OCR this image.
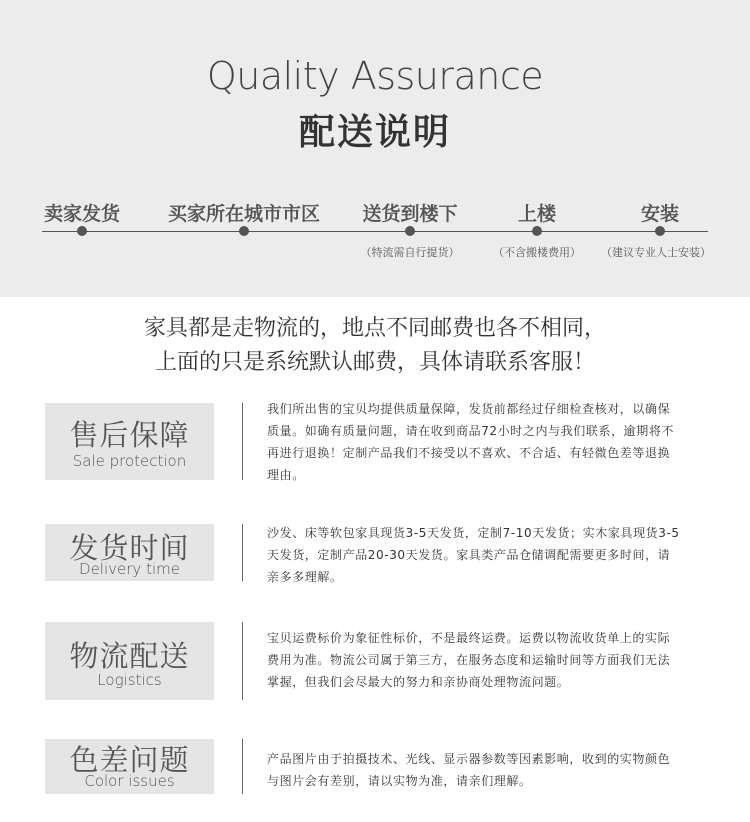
Quality Assurance
配送说明
卖家发货	买家所在城市市区	送货到楼下
（特流需自行提货）
上楼
（不含搬楼费用）
安装
（建议专业人士安装）
家具都是走物流的，地点不同邮费也各不相同，
上面的只是系统默认邮费，具体请联系客服！
售后保障
Sale protection
我们所出售的宝贝均提供质量保障，发货前都经过仔细检查核对，以确保
质量。如确有质量问题，请在收到商品72小时之内与我们联系，逾期将不
再进行退换！定制产品我们不接受以不喜欢、不合适、有轻微色差等退换
理由。
发货时间
Delivery time
沙发、床等软包家具现货3-5天发货，定制7-10天发货；实木家具现货3-5
天发货，定制产品20-30天发货。家具类产品仓储调配需要更多时间，请
亲多多理解。
物流配送
Logistics
宝贝运费标价为象征性标价，不是最终运费。运费以物流收货单上的实际
费用为准。物流公司属于第三方，在服务态度和运输时间等方面我们无法
掌握，但我们会尽最大的努力和亲协商处理物流问题。
色差问题
Color issues
产品图片由于拍摄技术、光线、显示器参数等因素影响，收到的实物颜色
与图片会有差别，请以实物为准，请亲们理解。
